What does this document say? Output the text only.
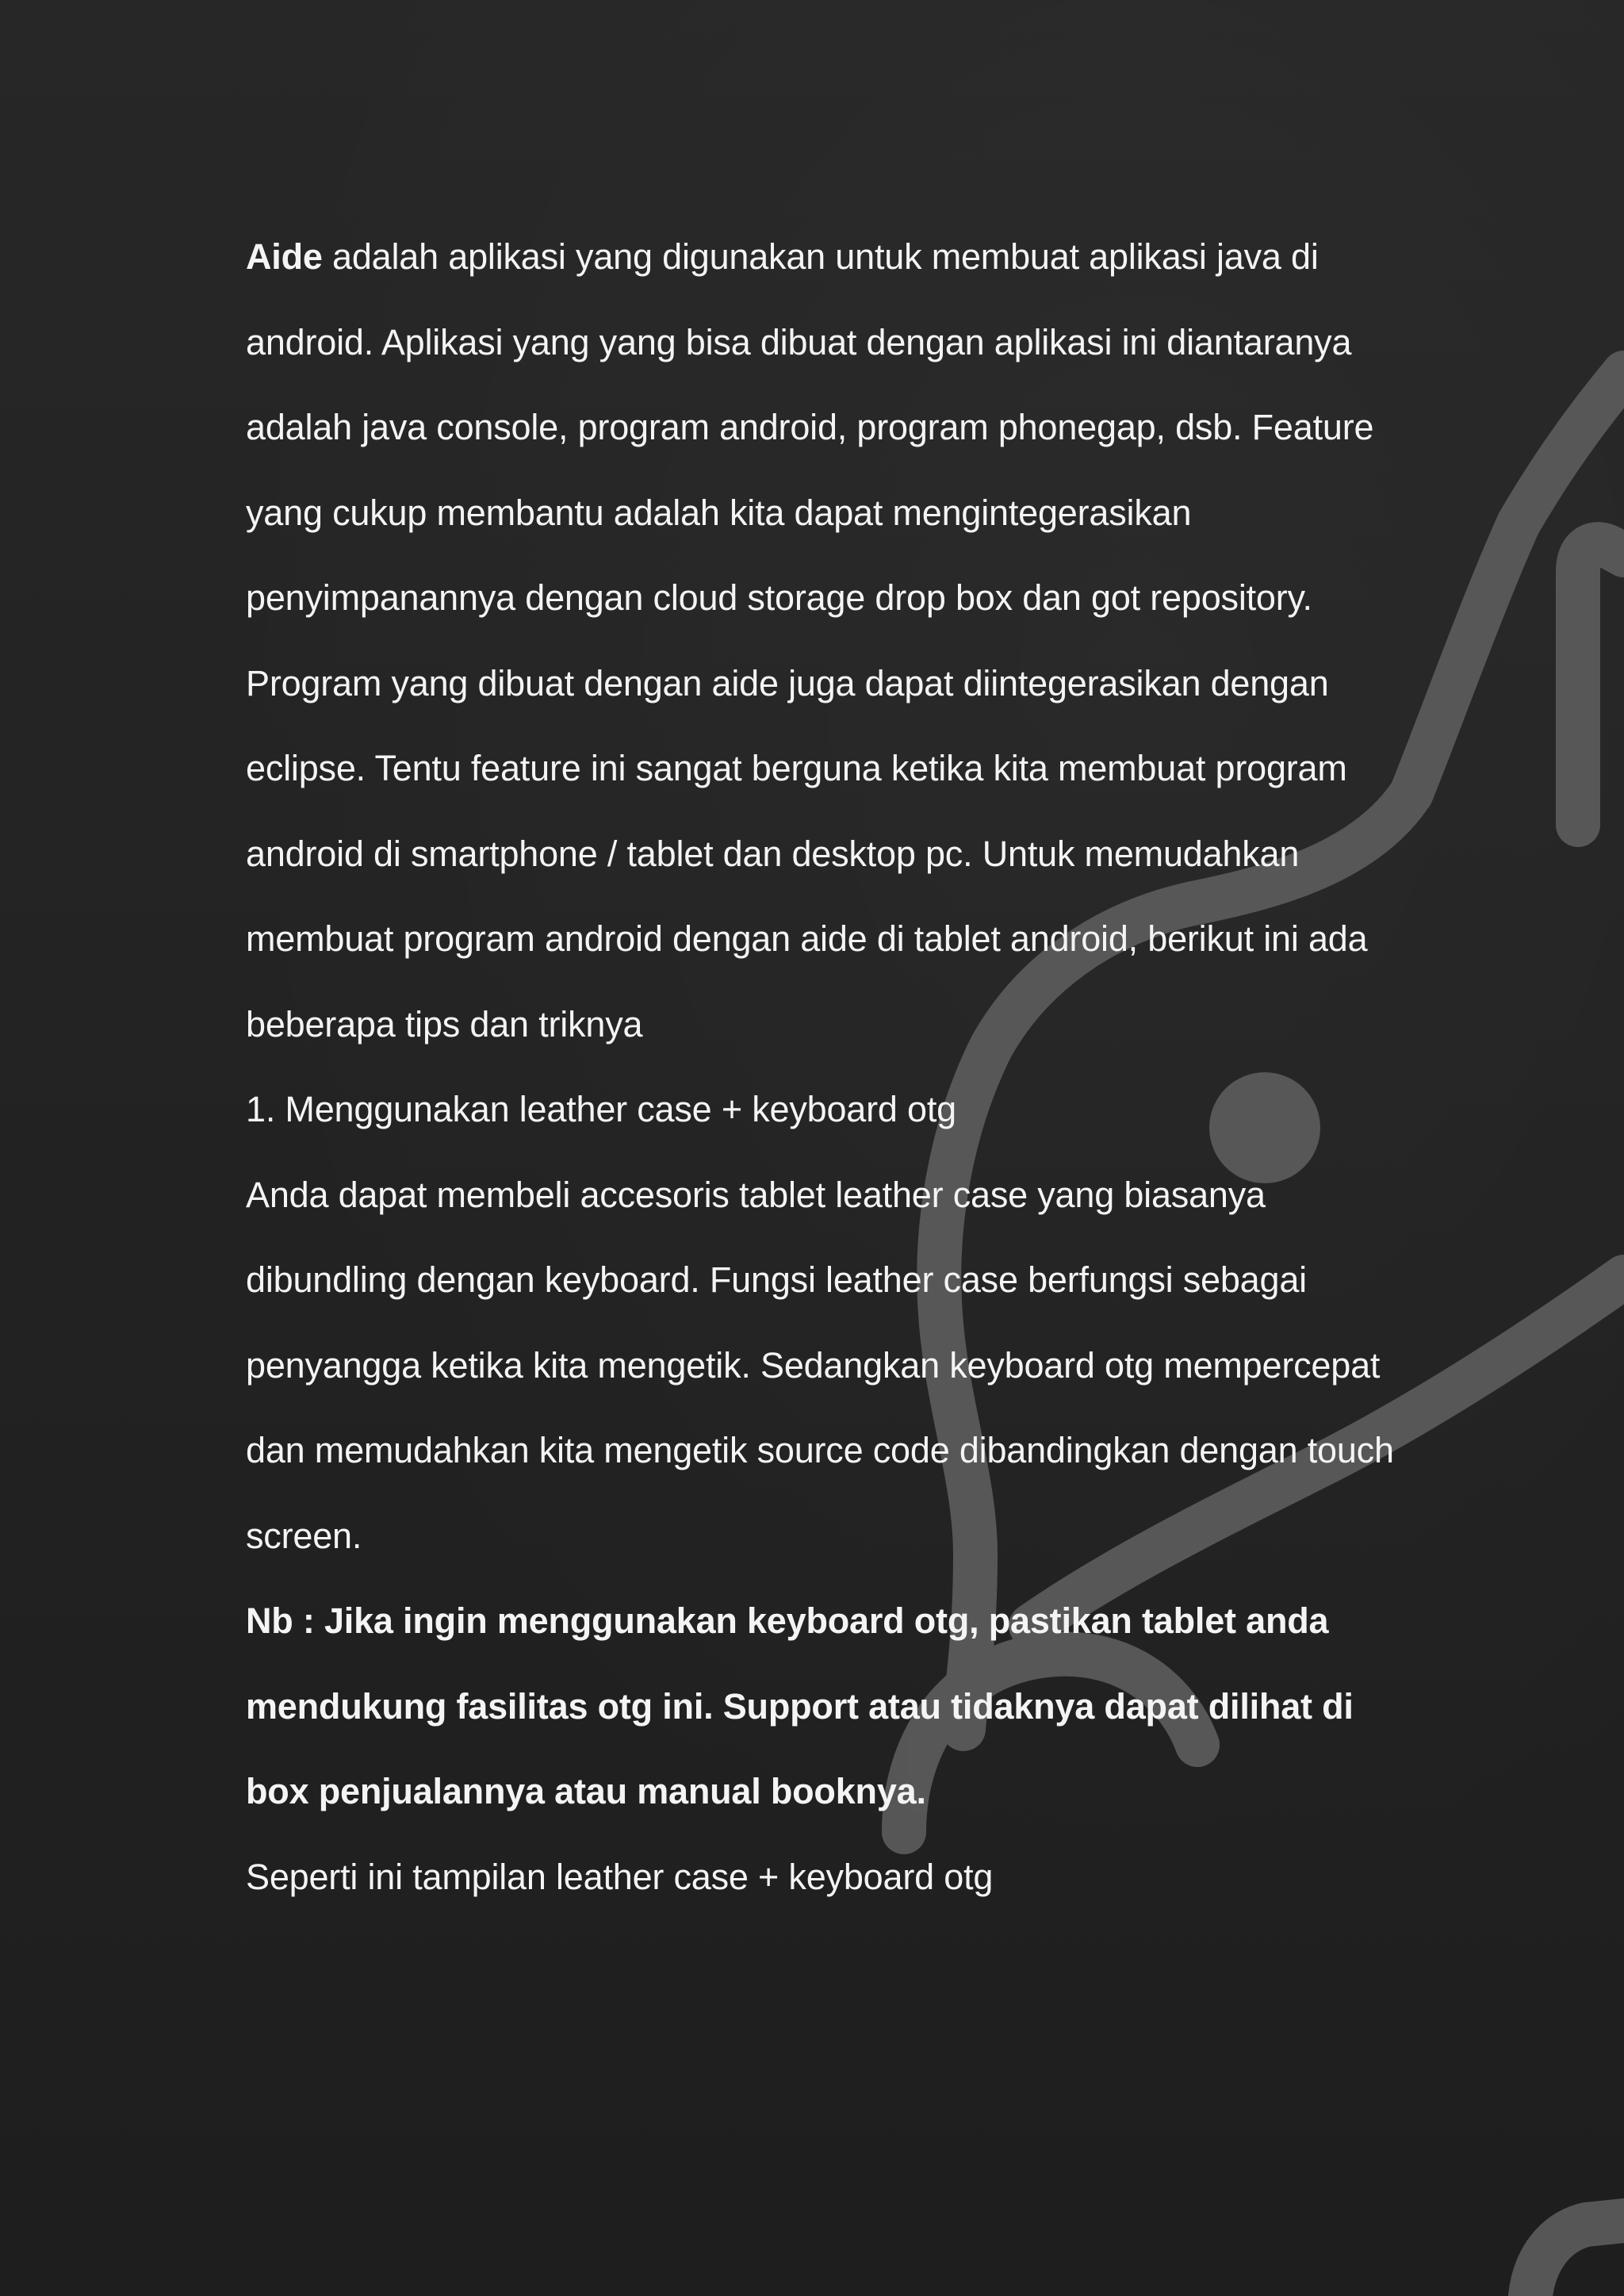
Aide adalah aplikasi yang digunakan untuk membuat aplikasi java di android. Aplikasi yang yang bisa dibuat dengan aplikasi ini diantaranya adalah java console, program android, program phonegap, dsb. Feature yang cukup membantu adalah kita dapat mengintegerasikan penyimpanannya dengan cloud storage drop box dan got repository. Program yang dibuat dengan aide juga dapat diintegerasikan dengan eclipse. Tentu feature ini sangat berguna ketika kita membuat program android di smartphone / tablet dan desktop pc. Untuk memudahkan membuat program android dengan aide di tablet android, berikut ini ada beberapa tips dan triknya

1. Menggunakan leather case + keyboard otg

Anda dapat membeli accesoris tablet leather case yang biasanya dibundling dengan keyboard. Fungsi leather case berfungsi sebagai penyangga ketika kita mengetik. Sedangkan keyboard otg mempercepat dan memudahkan kita mengetik source code dibandingkan dengan touch screen.

Nb : Jika ingin menggunakan keyboard otg, pastikan tablet anda mendukung fasilitas otg ini. Support atau tidaknya dapat dilihat di box penjualannya atau manual booknya.

Seperti ini tampilan leather case + keyboard otg
